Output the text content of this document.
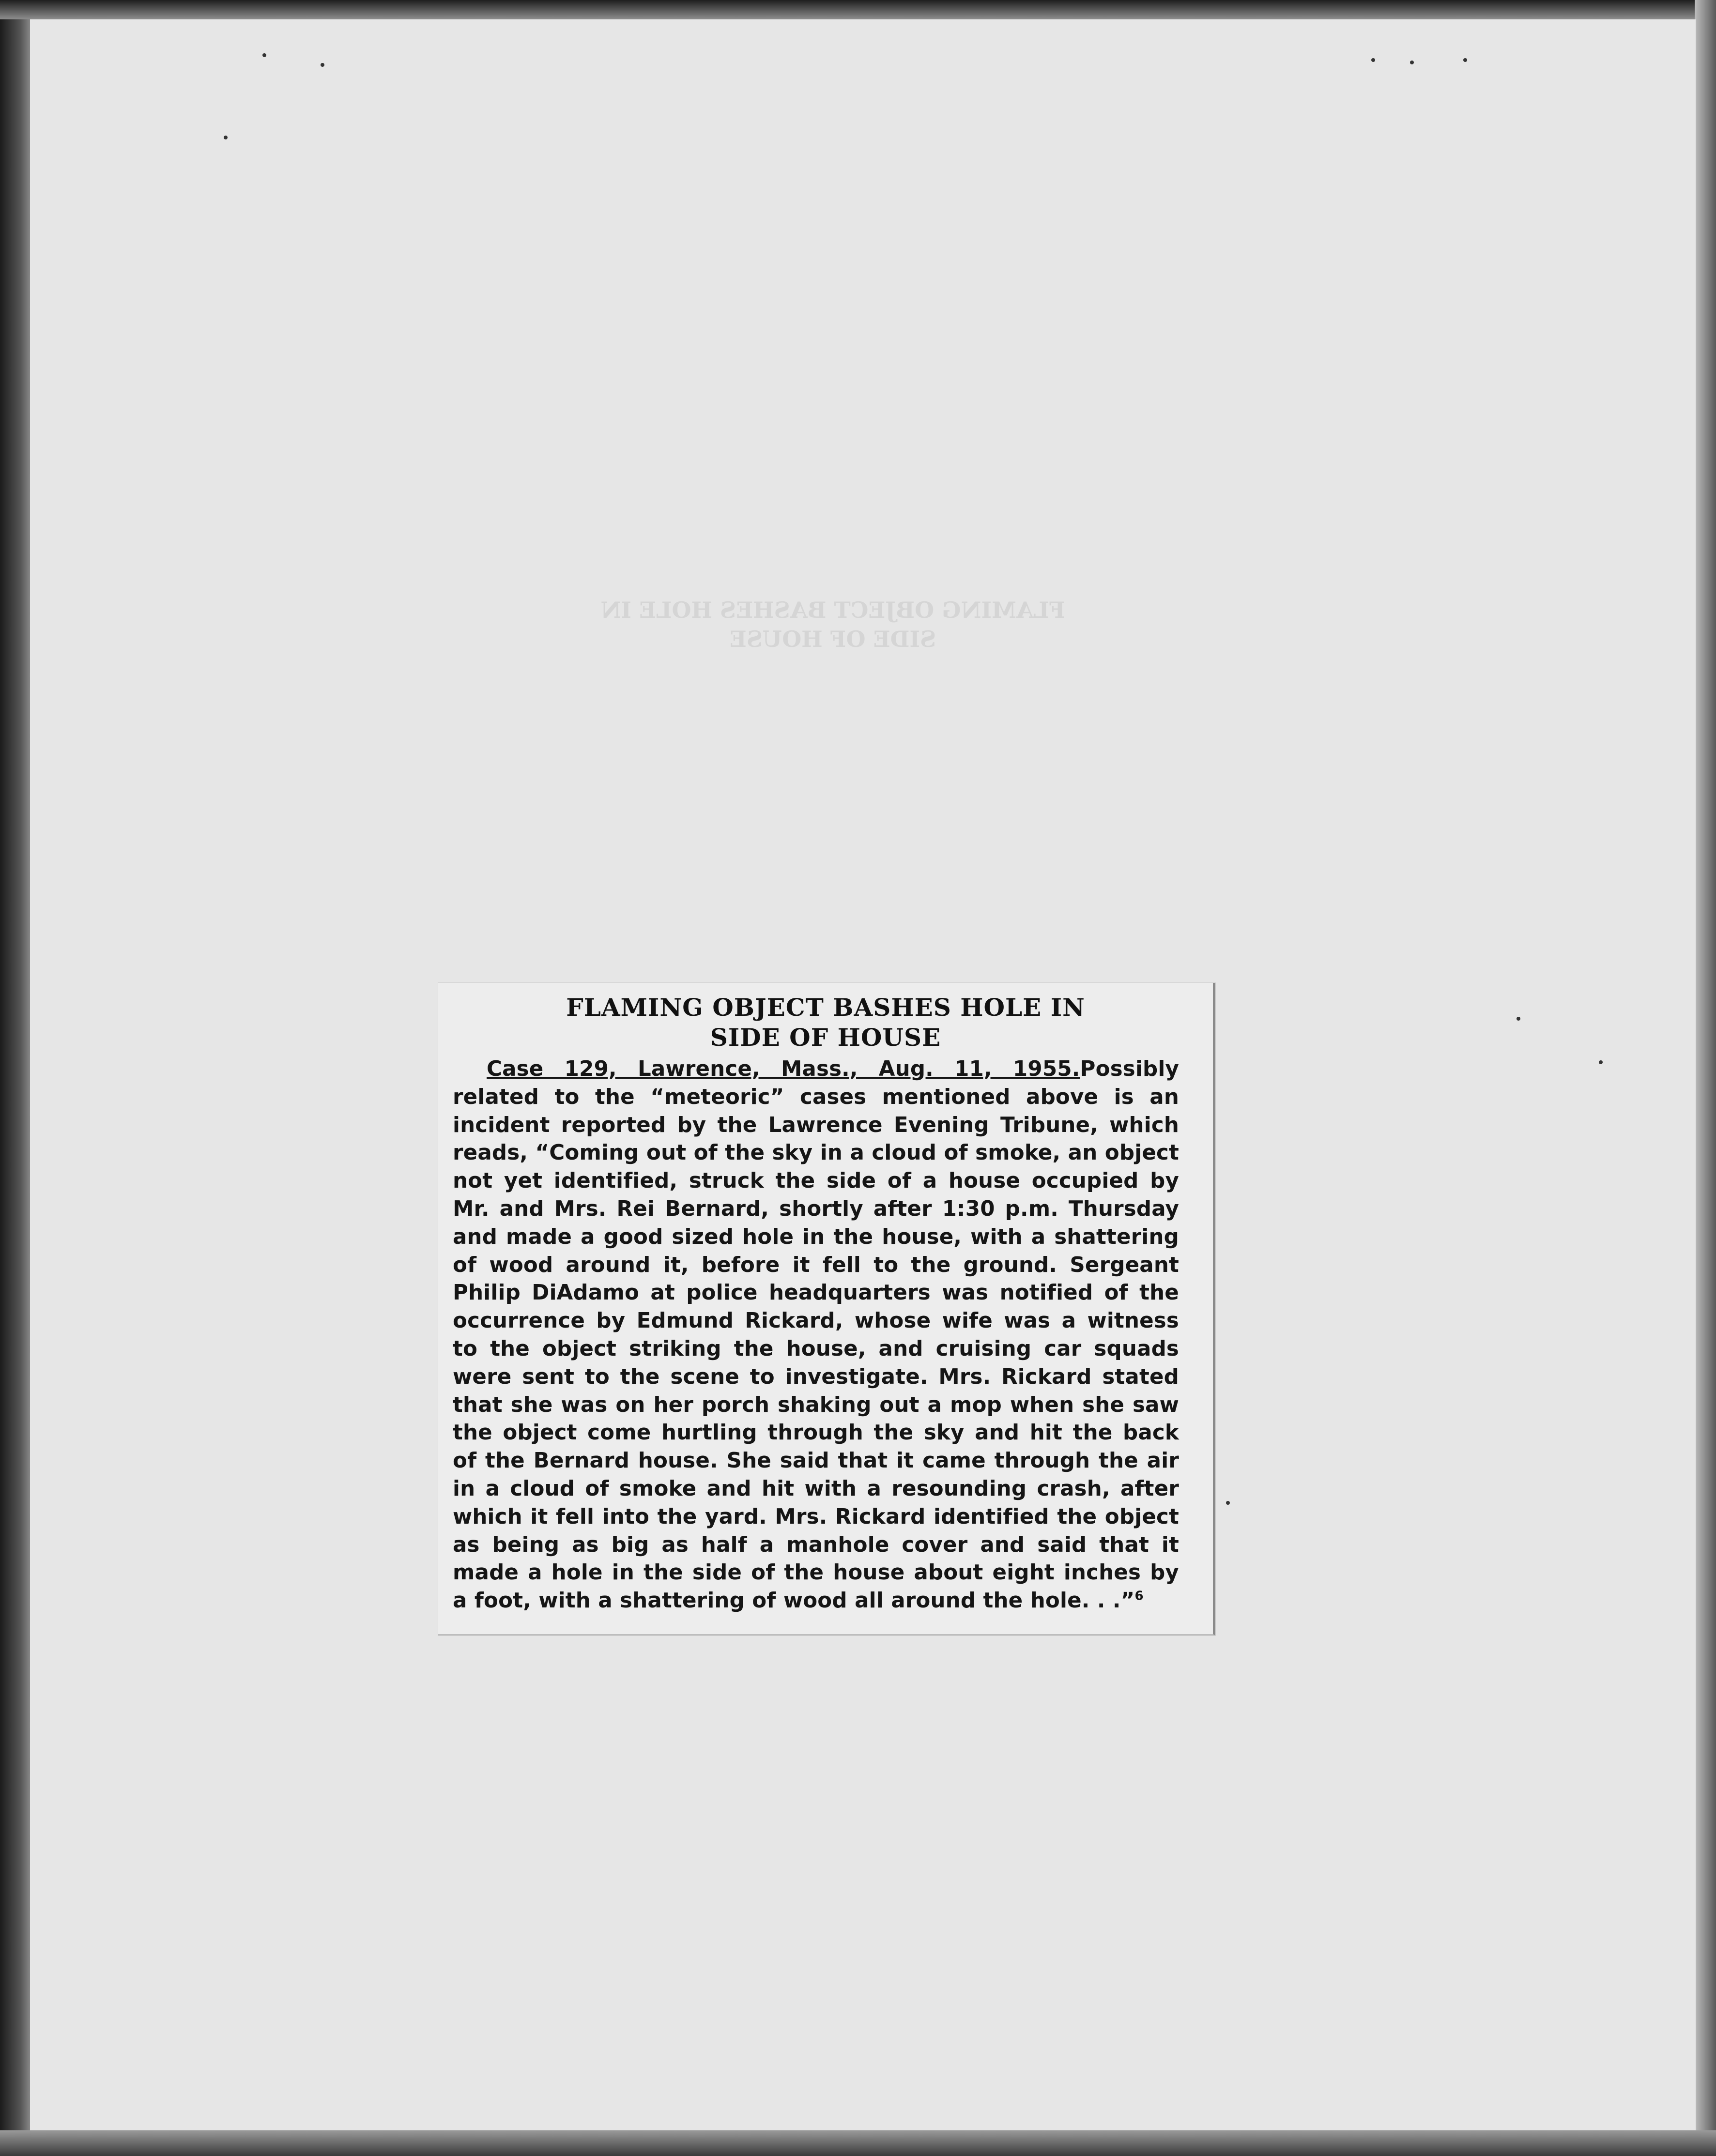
FLAMING OBJECT BASHES HOLE IN
SIDE OF HOUSE
FLAMING OBJECT BASHES HOLE IN
SIDE OF HOUSE
Case 129, Lawrence, Mass., Aug. 11, 1955.Possibly related to the “meteoric” cases mentioned above is an incident reported by the Lawrence Evening Tribune, which reads, “Coming out of the sky in a cloud of smoke, an object not yet identified, struck the side of a house occupied by Mr. and Mrs. Rei Bernard, shortly after 1:30 p.m. Thursday and made a good sized hole in the house, with a shattering of wood around it, before it fell to the ground. Sergeant Philip DiAdamo at police headquarters was notified of the occurrence by Edmund Rickard, whose wife was a witness to the object striking the house, and cruising car squads were sent to the scene to investigate. Mrs. Rickard stated that she was on her porch shaking out a mop when she saw the object come hurtling through the sky and hit the back of the Bernard house. She said that it came through the air in a cloud of smoke and hit with a resounding crash, after which it fell into the yard. Mrs. Rickard identified the object as being as big as half a manhole cover and said that it made a hole in the side of the house about eight inches by a foot, with a shattering of wood all around the hole. . .”$^6$
